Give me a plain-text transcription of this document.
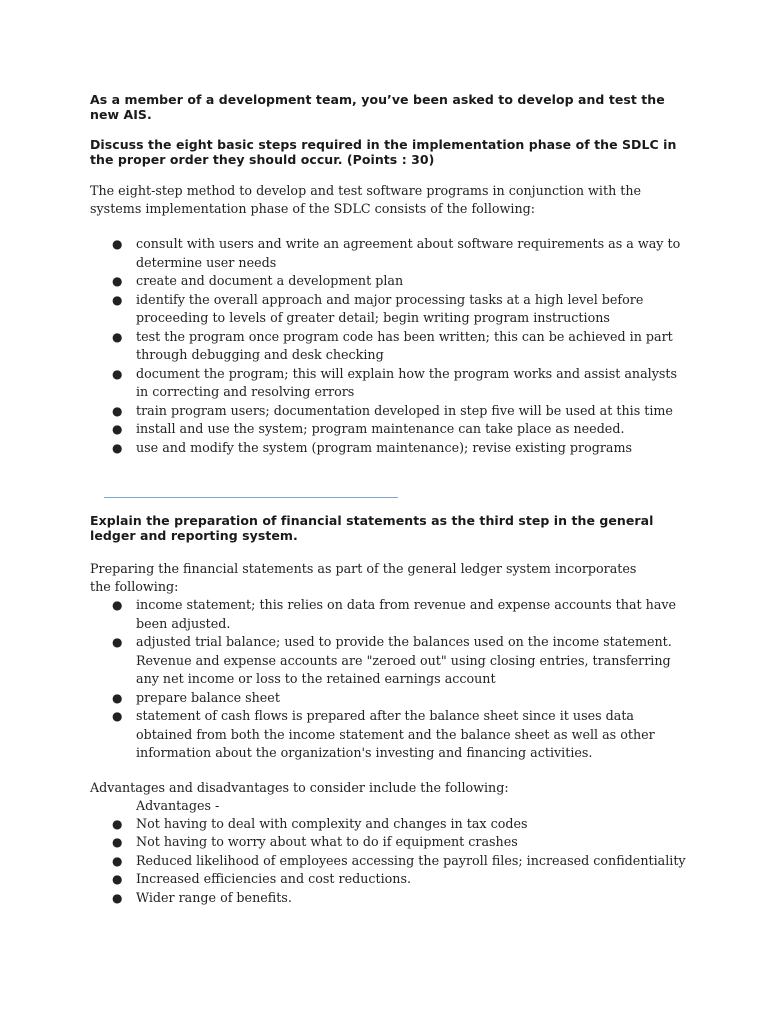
As a member of a development team, you’ve been asked to develop and test the new AIS.

Discuss the eight basic steps required in the implementation phase of the SDLC in the proper order they should occur. (Points : 30)

The eight-step method to develop and test software programs in conjunction with the systems implementation phase of the SDLC consists of the following:

● consult with users and write an agreement about software requirements as a way to determine user needs
● create and document a development plan
● identify the overall approach and major processing tasks at a high level before proceeding to levels of greater detail; begin writing program instructions
● test the program once program code has been written; this can be achieved in part through debugging and desk checking
● document the program; this will explain how the program works and assist analysts in correcting and resolving errors
● train program users; documentation developed in step five will be used at this time
● install and use the system; program maintenance can take place as needed.
● use and modify the system (program maintenance); revise existing programs

Explain the preparation of financial statements as the third step in the general ledger and reporting system.

Preparing the financial statements as part of the general ledger system incorporates the following:

● income statement; this relies on data from revenue and expense accounts that have been adjusted.
● adjusted trial balance; used to provide the balances used on the income statement. Revenue and expense accounts are "zeroed out" using closing entries, transferring any net income or loss to the retained earnings account
● prepare balance sheet
● statement of cash flows is prepared after the balance sheet since it uses data obtained from both the income statement and the balance sheet as well as other information about the organization's investing and financing activities.

Advantages and disadvantages to consider include the following:

Advantages -

● Not having to deal with complexity and changes in tax codes
● Not having to worry about what to do if equipment crashes
● Reduced likelihood of employees accessing the payroll files; increased confidentiality
● Increased efficiencies and cost reductions.
● Wider range of benefits.
